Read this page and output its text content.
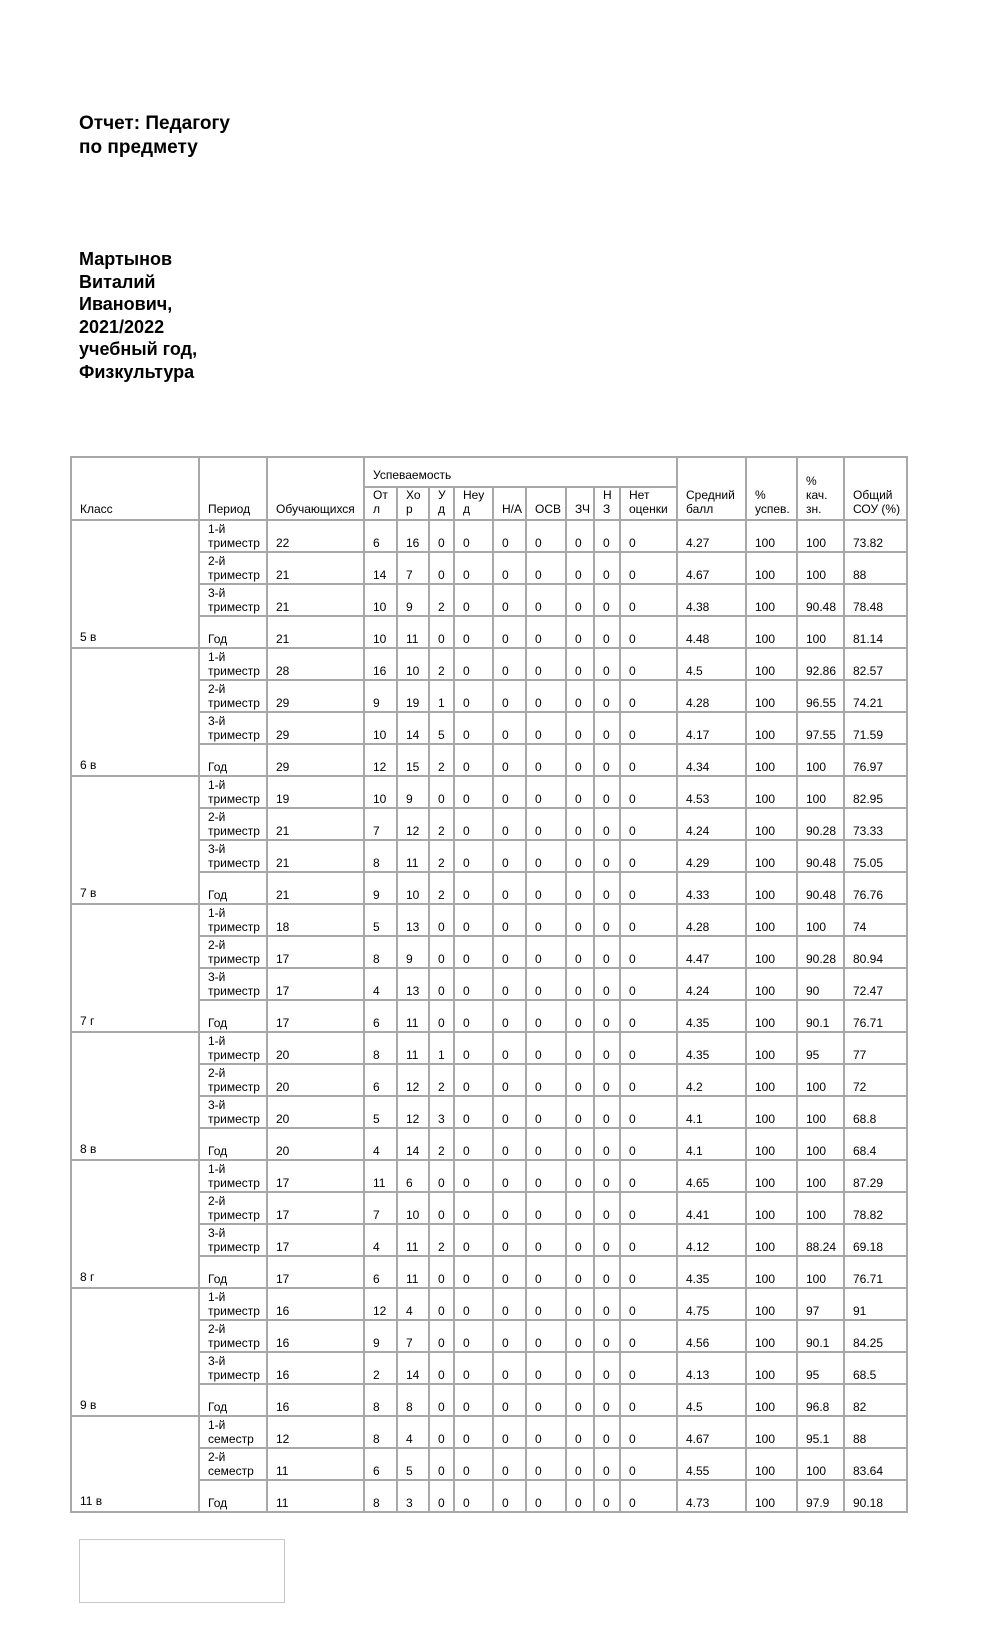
Отчет: Педагогу по предмету
Мартынов Виталий Иванович, 2021/2022 учебный год, Физкультура
Класс	Период	Обучающихся	Успеваемость									Средний балл	% успев.	% кач. зн.	Общий СОУ (%)
			Отл	Хор	Уд	Неуд	Н/А	ОСВ	ЗЧ	НЗ	Нет оценки				
5 в	1-й триместр	22	6	16	0	0	0	0	0	0	0	4.27	100	100	73.82
	2-й триместр	21	14	7	0	0	0	0	0	0	0	4.67	100	100	88
	3-й триместр	21	10	9	2	0	0	0	0	0	0	4.38	100	90.48	78.48
	Год	21	10	11	0	0	0	0	0	0	0	4.48	100	100	81.14
6 в	1-й триместр	28	16	10	2	0	0	0	0	0	0	4.5	100	92.86	82.57
	2-й триместр	29	9	19	1	0	0	0	0	0	0	4.28	100	96.55	74.21
	3-й триместр	29	10	14	5	0	0	0	0	0	0	4.17	100	97.55	71.59
	Год	29	12	15	2	0	0	0	0	0	0	4.34	100	100	76.97
7 в	1-й триместр	19	10	9	0	0	0	0	0	0	0	4.53	100	100	82.95
	2-й триместр	21	7	12	2	0	0	0	0	0	0	4.24	100	90.28	73.33
	3-й триместр	21	8	11	2	0	0	0	0	0	0	4.29	100	90.48	75.05
	Год	21	9	10	2	0	0	0	0	0	0	4.33	100	90.48	76.76
7 г	1-й триместр	18	5	13	0	0	0	0	0	0	0	4.28	100	100	74
	2-й триместр	17	8	9	0	0	0	0	0	0	0	4.47	100	90.28	80.94
	3-й триместр	17	4	13	0	0	0	0	0	0	0	4.24	100	90	72.47
	Год	17	6	11	0	0	0	0	0	0	0	4.35	100	90.1	76.71
8 в	1-й триместр	20	8	11	1	0	0	0	0	0	0	4.35	100	95	77
	2-й триместр	20	6	12	2	0	0	0	0	0	0	4.2	100	100	72
	3-й триместр	20	5	12	3	0	0	0	0	0	0	4.1	100	100	68.8
	Год	20	4	14	2	0	0	0	0	0	0	4.1	100	100	68.4
8 г	1-й триместр	17	11	6	0	0	0	0	0	0	0	4.65	100	100	87.29
	2-й триместр	17	7	10	0	0	0	0	0	0	0	4.41	100	100	78.82
	3-й триместр	17	4	11	2	0	0	0	0	0	0	4.12	100	88.24	69.18
	Год	17	6	11	0	0	0	0	0	0	0	4.35	100	100	76.71
9 в	1-й триместр	16	12	4	0	0	0	0	0	0	0	4.75	100	97	91
	2-й триместр	16	9	7	0	0	0	0	0	0	0	4.56	100	90.1	84.25
	3-й триместр	16	2	14	0	0	0	0	0	0	0	4.13	100	95	68.5
	Год	16	8	8	0	0	0	0	0	0	0	4.5	100	96.8	82
11 в	1-й семестр	12	8	4	0	0	0	0	0	0	0	4.67	100	95.1	88
	2-й семестр	11	6	5	0	0	0	0	0	0	0	4.55	100	100	83.64
	Год	11	8	3	0	0	0	0	0	0	0	4.73	100	97.9	90.18
